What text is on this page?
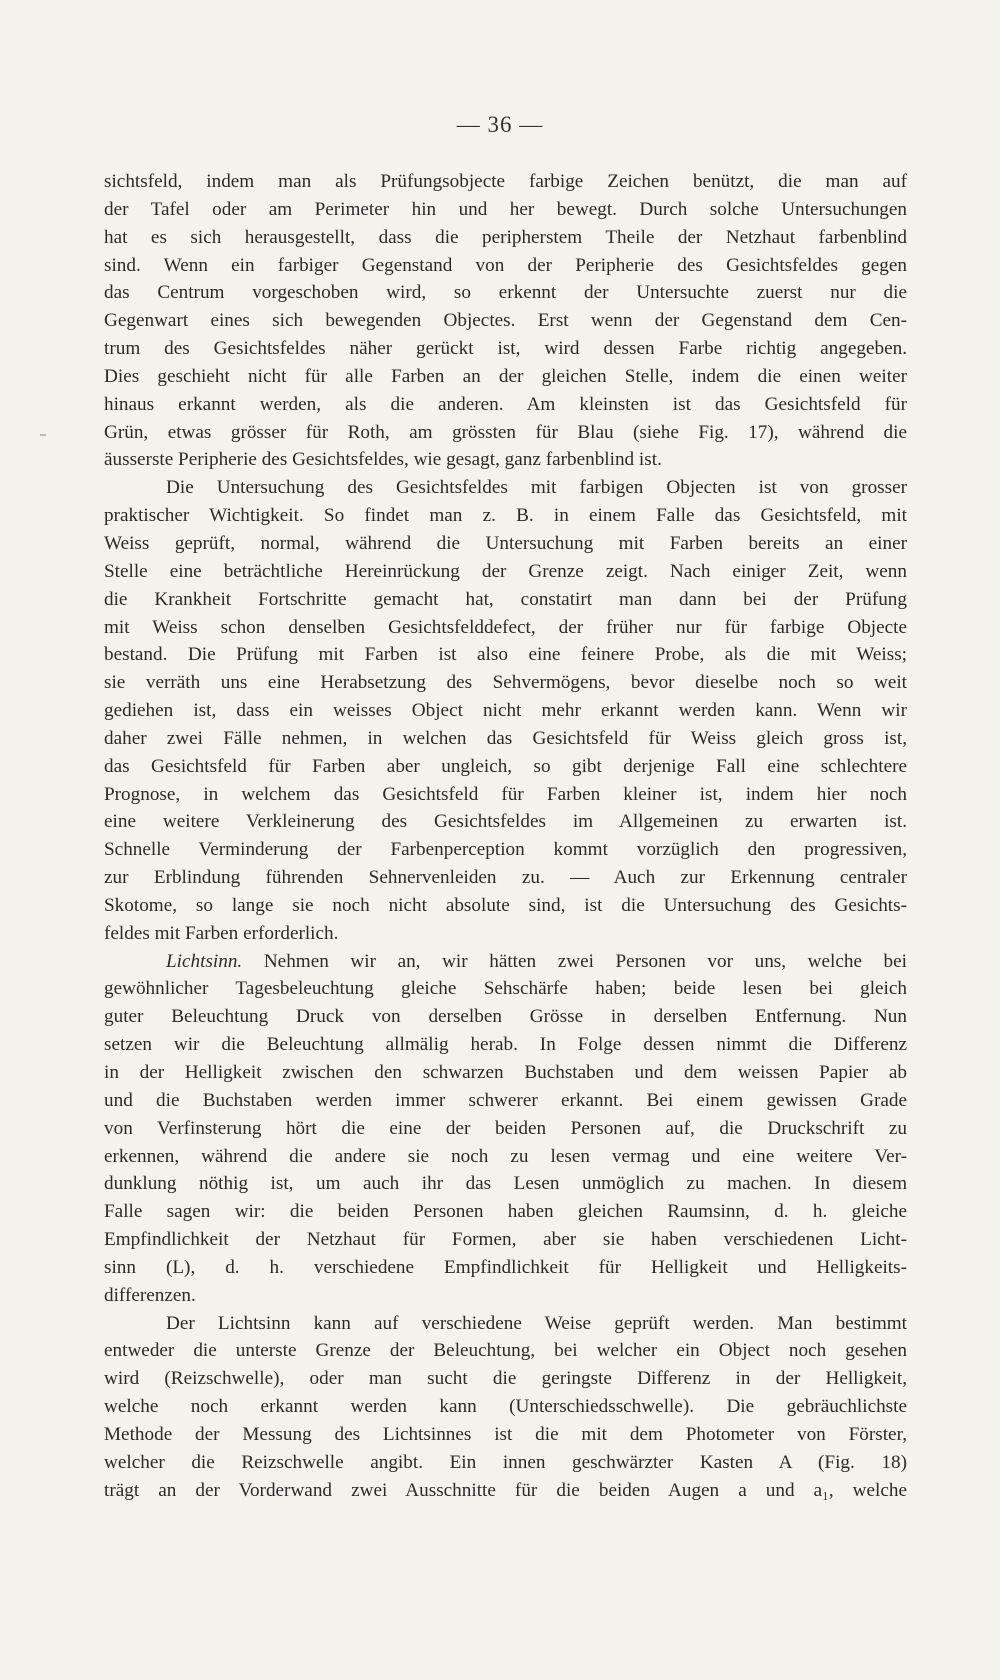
— 36 —
sichtsfeld, indem man als Prüfungsobjecte farbige Zeichen benützt, die man auf
der Tafel oder am Perimeter hin und her bewegt. Durch solche Untersuchungen
hat es sich herausgestellt, dass die peripherstem Theile der Netzhaut farbenblind
sind. Wenn ein farbiger Gegenstand von der Peripherie des Gesichtsfeldes gegen
das Centrum vorgeschoben wird, so erkennt der Untersuchte zuerst nur die
Gegenwart eines sich bewegenden Objectes. Erst wenn der Gegenstand dem Cen-
trum des Gesichtsfeldes näher gerückt ist, wird dessen Farbe richtig angegeben.
Dies geschieht nicht für alle Farben an der gleichen Stelle, indem die einen weiter
hinaus erkannt werden, als die anderen. Am kleinsten ist das Gesichtsfeld für
Grün, etwas grösser für Roth, am grössten für Blau (siehe Fig. 17), während die
äusserste Peripherie des Gesichtsfeldes, wie gesagt, ganz farbenblind ist.
Die Untersuchung des Gesichtsfeldes mit farbigen Objecten ist von grosser
praktischer Wichtigkeit. So findet man z. B. in einem Falle das Gesichtsfeld, mit
Weiss geprüft, normal, während die Untersuchung mit Farben bereits an einer
Stelle eine beträchtliche Hereinrückung der Grenze zeigt. Nach einiger Zeit, wenn
die Krankheit Fortschritte gemacht hat, constatirt man dann bei der Prüfung
mit Weiss schon denselben Gesichtsfelddefect, der früher nur für farbige Objecte
bestand. Die Prüfung mit Farben ist also eine feinere Probe, als die mit Weiss;
sie verräth uns eine Herabsetzung des Sehvermögens, bevor dieselbe noch so weit
gediehen ist, dass ein weisses Object nicht mehr erkannt werden kann. Wenn wir
daher zwei Fälle nehmen, in welchen das Gesichtsfeld für Weiss gleich gross ist,
das Gesichtsfeld für Farben aber ungleich, so gibt derjenige Fall eine schlechtere
Prognose, in welchem das Gesichtsfeld für Farben kleiner ist, indem hier noch
eine weitere Verkleinerung des Gesichtsfeldes im Allgemeinen zu erwarten ist.
Schnelle Verminderung der Farbenperception kommt vorzüglich den progressiven,
zur Erblindung führenden Sehnervenleiden zu. — Auch zur Erkennung centraler
Skotome, so lange sie noch nicht absolute sind, ist die Untersuchung des Gesichts-
feldes mit Farben erforderlich.
Lichtsinn. Nehmen wir an, wir hätten zwei Personen vor uns, welche bei
gewöhnlicher Tagesbeleuchtung gleiche Sehschärfe haben; beide lesen bei gleich
guter Beleuchtung Druck von derselben Grösse in derselben Entfernung. Nun
setzen wir die Beleuchtung allmälig herab. In Folge dessen nimmt die Differenz
in der Helligkeit zwischen den schwarzen Buchstaben und dem weissen Papier ab
und die Buchstaben werden immer schwerer erkannt. Bei einem gewissen Grade
von Verfinsterung hört die eine der beiden Personen auf, die Druckschrift zu
erkennen, während die andere sie noch zu lesen vermag und eine weitere Ver-
dunklung nöthig ist, um auch ihr das Lesen unmöglich zu machen. In diesem
Falle sagen wir: die beiden Personen haben gleichen Raumsinn, d. h. gleiche
Empfindlichkeit der Netzhaut für Formen, aber sie haben verschiedenen Licht-
sinn (L), d. h. verschiedene Empfindlichkeit für Helligkeit und Helligkeits-
differenzen.
Der Lichtsinn kann auf verschiedene Weise geprüft werden. Man bestimmt
entweder die unterste Grenze der Beleuchtung, bei welcher ein Object noch gesehen
wird (Reizschwelle), oder man sucht die geringste Differenz in der Helligkeit,
welche noch erkannt werden kann (Unterschiedsschwelle). Die gebräuchlichste
Methode der Messung des Lichtsinnes ist die mit dem Photometer von Förster,
welcher die Reizschwelle angibt. Ein innen geschwärzter Kasten A (Fig. 18)
trägt an der Vorderwand zwei Ausschnitte für die beiden Augen a und a₁, welche
